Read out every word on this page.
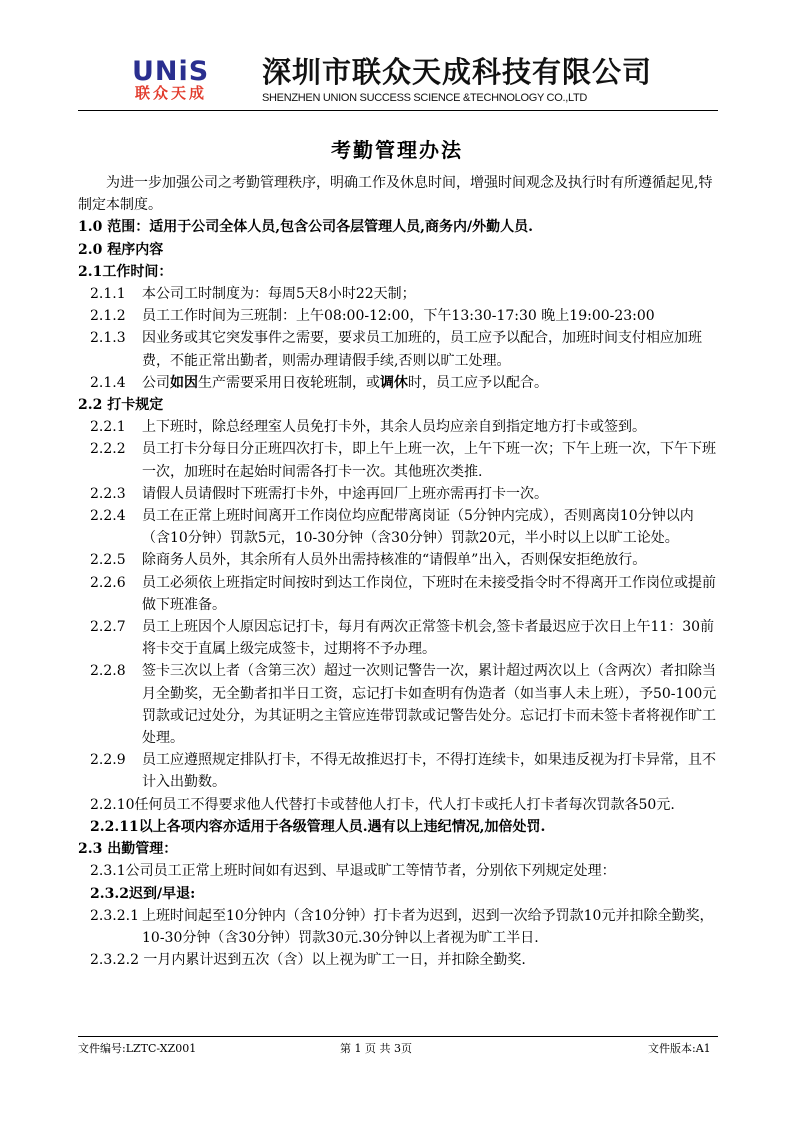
UNiS
联众天成
深圳市联众天成科技有限公司
SHENZHEN UNION SUCCESS SCIENCE &TECHNOLOGY CO.,LTD
考勤管理办法

为进一步加强公司之考勤管理秩序，明确工作及休息时间，增强时间观念及执行时有所遵循起见,特制定本制度。

1.0 范围：适用于公司全体人员,包含公司各层管理人员,商务内/外勤人员.

2.0 程序内容

2.1工作时间：

2.1.1 本公司工时制度为：每周5天8小时22天制；
2.1.2 员工工作时间为三班制：上午08:00-12:00，下午13:30-17:30 晚上19:00-23:00
2.1.3 因业务或其它突发事件之需要，要求员工加班的，员工应予以配合，加班时间支付相应加班费，不能正常出勤者，则需办理请假手续,否则以旷工处理。
2.1.4 公司如因生产需要采用日夜轮班制，或调休时，员工应予以配合。

2.2 打卡规定

2.2.1 上下班时，除总经理室人员免打卡外，其余人员均应亲自到指定地方打卡或签到。
2.2.2 员工打卡分每日分正班四次打卡，即上午上班一次，上午下班一次；下午上班一次，下午下班一次，加班时在起始时间需各打卡一次。其他班次类推.
2.2.3 请假人员请假时下班需打卡外，中途再回厂上班亦需再打卡一次。
2.2.4 员工在正常上班时间离开工作岗位均应配带离岗证（5分钟内完成），否则离岗10分钟以内（含10分钟）罚款5元，10-30分钟（含30分钟）罚款20元，半小时以上以旷工论处。
2.2.5 除商务人员外，其余所有人员外出需持核准的“请假单”出入，否则保安拒绝放行。
2.2.6 员工必须依上班指定时间按时到达工作岗位，下班时在未接受指令时不得离开工作岗位或提前做下班准备。
2.2.7 员工上班因个人原因忘记打卡，每月有两次正常签卡机会,签卡者最迟应于次日上午11：30前将卡交于直属上级完成签卡，过期将不予办理。
2.2.8 签卡三次以上者（含第三次）超过一次则记警告一次，累计超过两次以上（含两次）者扣除当月全勤奖，无全勤者扣半日工资，忘记打卡如查明有伪造者（如当事人未上班），予50-100元罚款或记过处分，为其证明之主管应连带罚款或记警告处分。忘记打卡而未签卡者将视作旷工处理。
2.2.9 员工应遵照规定排队打卡，不得无故推迟打卡，不得打连续卡，如果违反视为打卡异常，且不计入出勤数。

2.2.10任何员工不得要求他人代替打卡或替他人打卡，代人打卡或托人打卡者每次罚款各50元.

2.2.11以上各项内容亦适用于各级管理人员.遇有以上违纪情况,加倍处罚.

2.3 出勤管理：

2.3.1公司员工正常上班时间如有迟到、早退或旷工等情节者，分别依下列规定处理：

2.3.2迟到/早退:

2.3.2.1 上班时间起至10分钟内（含10分钟）打卡者为迟到，迟到一次给予罚款10元并扣除全勤奖，10-30分钟（含30分钟）罚款30元.30分钟以上者视为旷工半日.

2.3.2.2 一月内累计迟到五次（含）以上视为旷工一日，并扣除全勤奖.

文件编号:LZTC-XZ001	第 1 页 共 3页	文件版本:A1
